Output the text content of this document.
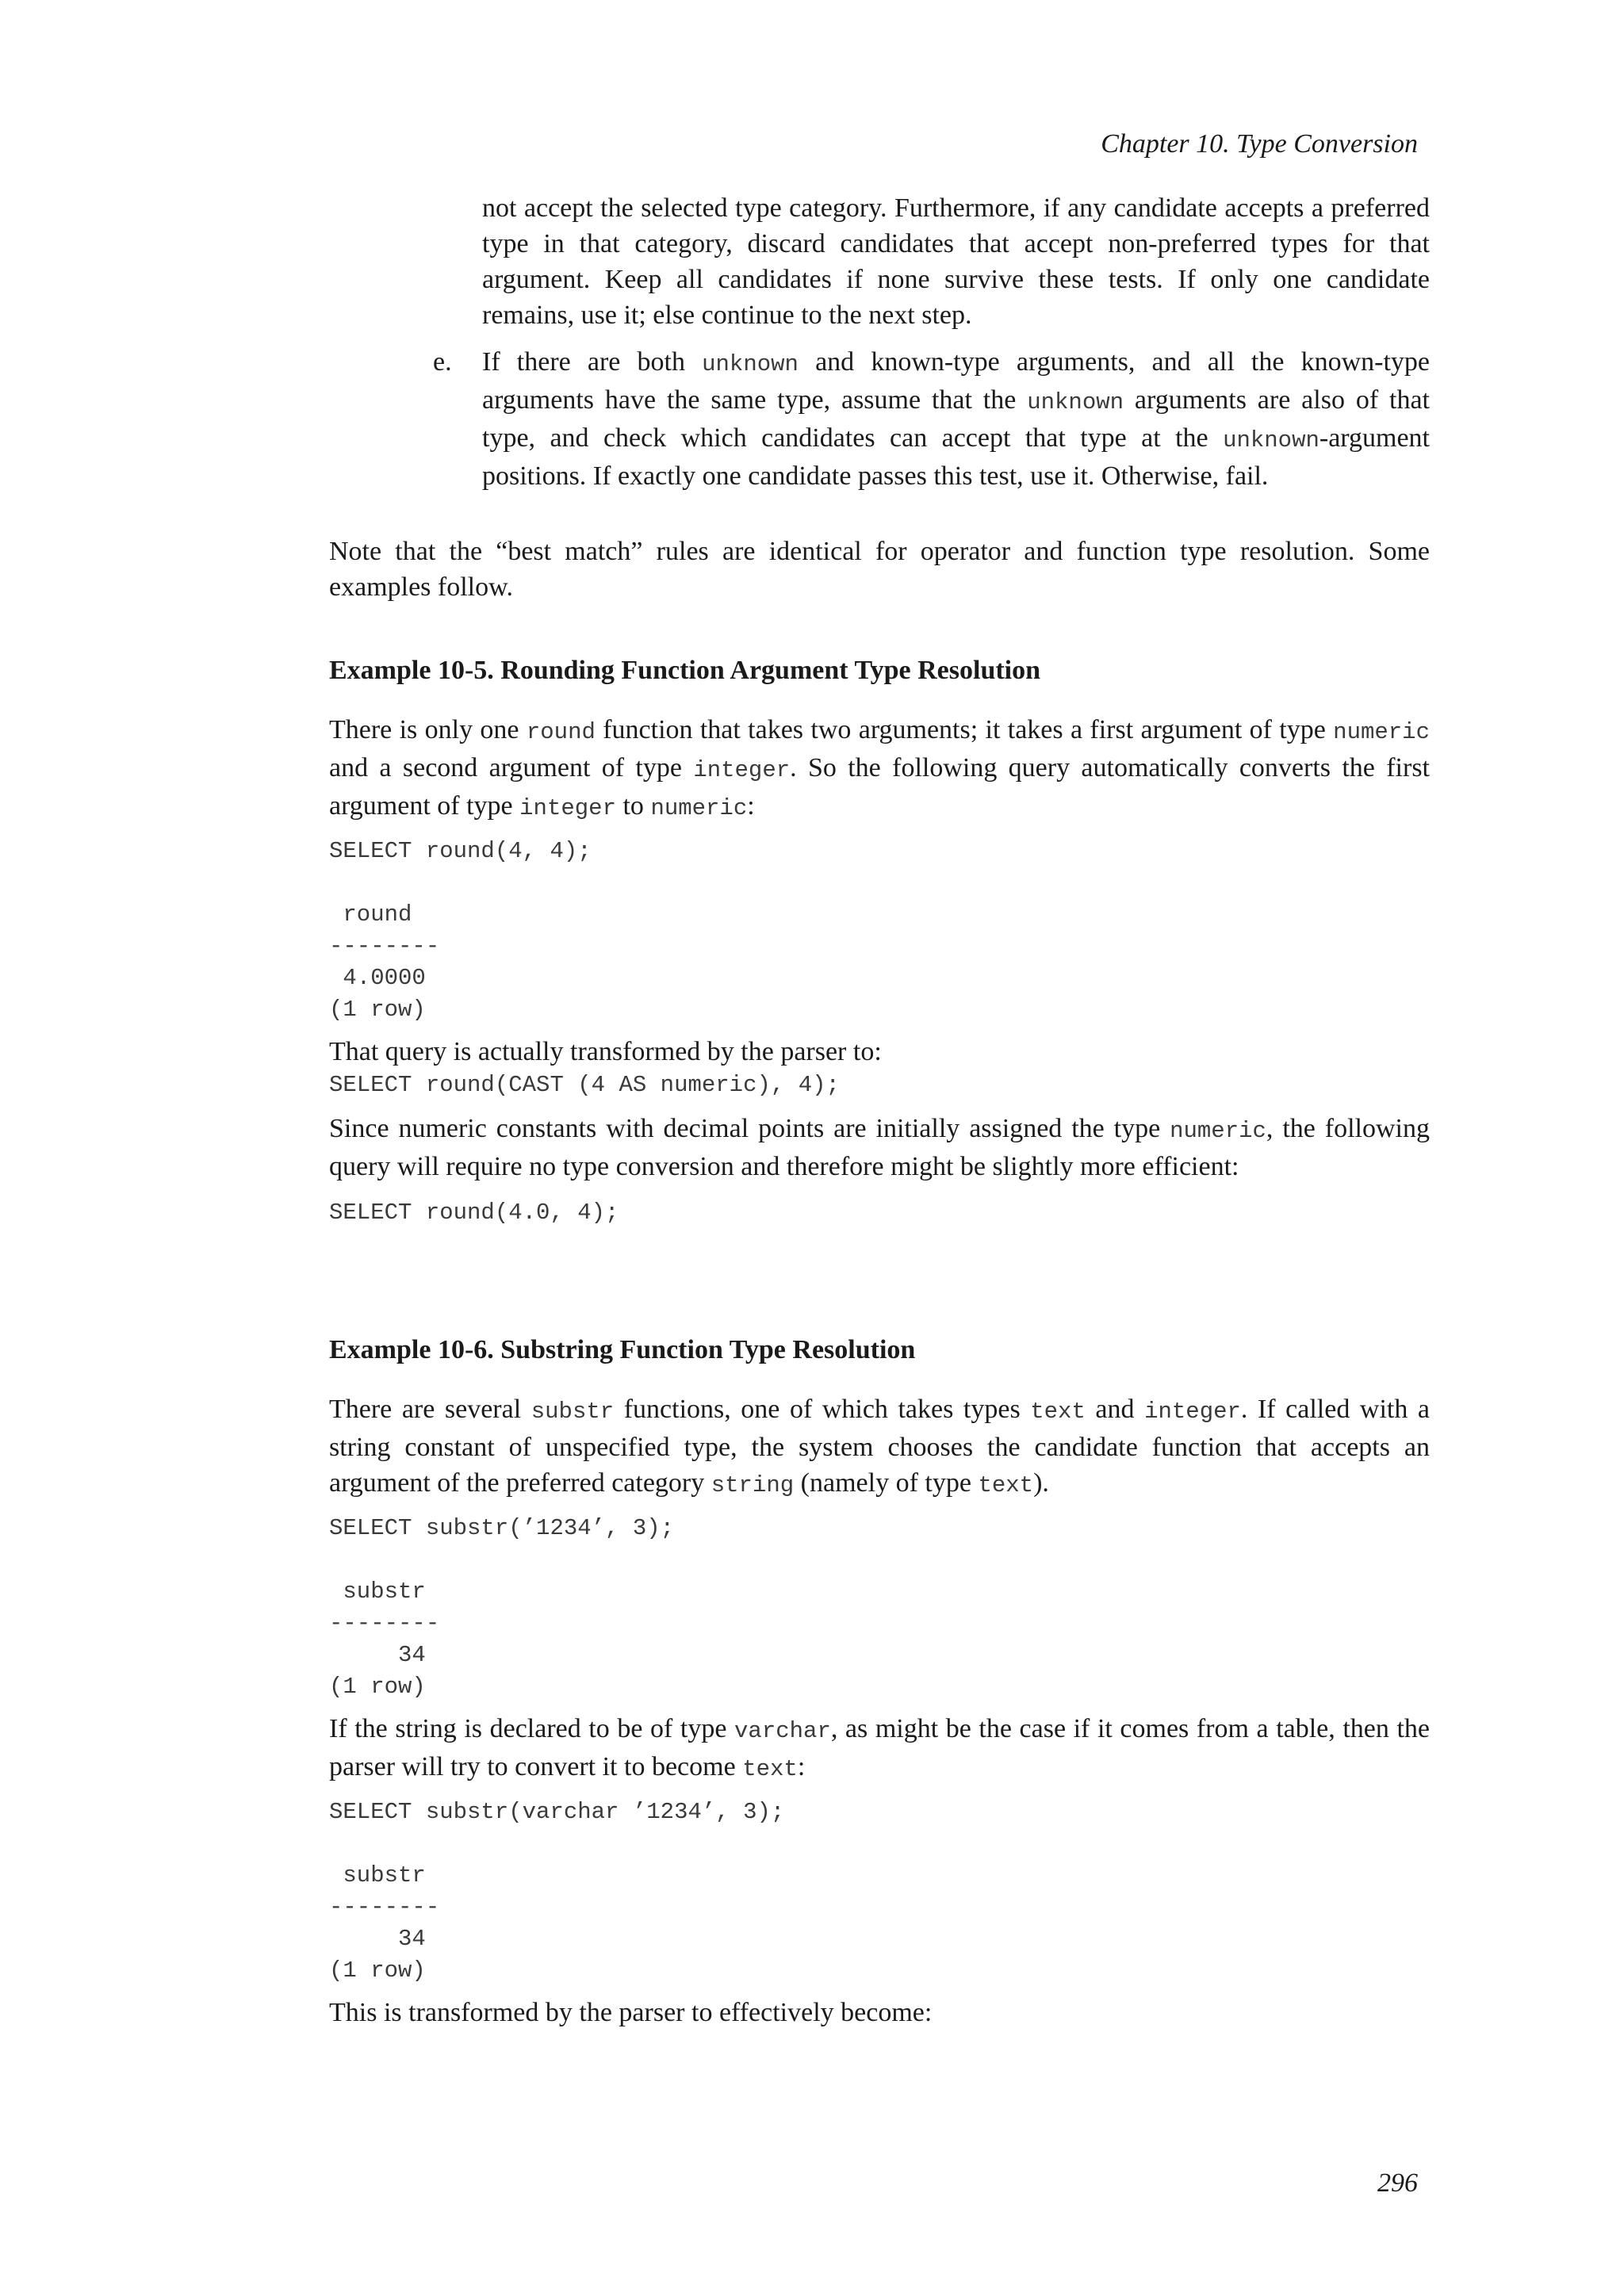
Chapter 10. Type Conversion

not accept the selected type category. Furthermore, if any candidate accepts a preferred type in that category, discard candidates that accept non-preferred types for that argument. Keep all candidates if none survive these tests. If only one candidate remains, use it; else continue to the next step.

e. If there are both unknown and known-type arguments, and all the known-type arguments have the same type, assume that the unknown arguments are also of that type, and check which candidates can accept that type at the unknown-argument positions. If exactly one candidate passes this test, use it. Otherwise, fail.

Note that the “best match” rules are identical for operator and function type resolution. Some examples follow.

Example 10-5. Rounding Function Argument Type Resolution

There is only one round function that takes two arguments; it takes a first argument of type numeric and a second argument of type integer. So the following query automatically converts the first argument of type integer to numeric:

SELECT round(4, 4);

round
--------
4.0000
(1 row)

That query is actually transformed by the parser to:

SELECT round(CAST (4 AS numeric), 4);

Since numeric constants with decimal points are initially assigned the type numeric, the following query will require no type conversion and therefore might be slightly more efficient:

SELECT round(4.0, 4);
Example 10-6. Substring Function Type Resolution

There are several substr functions, one of which takes types text and integer. If called with a string constant of unspecified type, the system chooses the candidate function that accepts an argument of the preferred category string (namely of type text).

SELECT substr(’1234’, 3);

substr
--------
34
(1 row)

If the string is declared to be of type varchar, as might be the case if it comes from a table, then the parser will try to convert it to become text:

SELECT substr(varchar ’1234’, 3);

substr
--------
34
(1 row)

This is transformed by the parser to effectively become:

296
